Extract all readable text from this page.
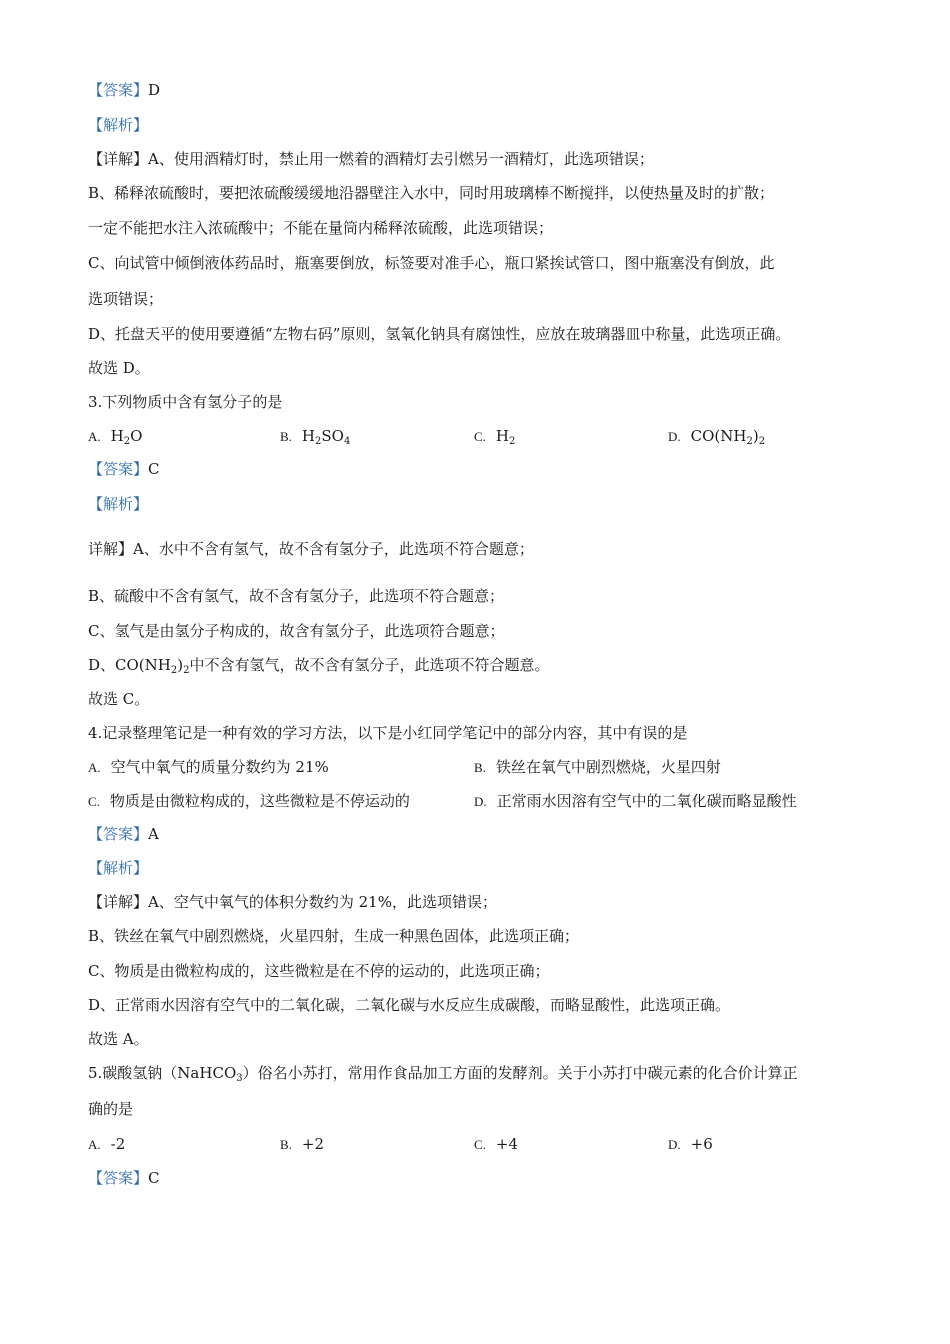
【答案】D
【解析】
【详解】A、使用酒精灯时，禁止用一燃着的酒精灯去引燃另一酒精灯，此选项错误；
B、稀释浓硫酸时，要把浓硫酸缓缓地沿器壁注入水中，同时用玻璃棒不断搅拌，以使热量及时的扩散；
一定不能把水注入浓硫酸中；不能在量筒内稀释浓硫酸，此选项错误；
C、向试管中倾倒液体药品时，瓶塞要倒放，标签要对准手心，瓶口紧挨试管口，图中瓶塞没有倒放，此
选项错误；
D、托盘天平的使用要遵循“左物右码”原则，氢氧化钠具有腐蚀性，应放在玻璃器皿中称量，此选项正确。
故选 D。
3.下列物质中含有氢分子的是
A. $H_2O$	B. $H_2SO_4$	C. $H_2$	D. $CO(NH_2)_2$
【答案】C
【解析】
详解】A、水中不含有氢气，故不含有氢分子，此选项不符合题意；
B、硫酸中不含有氢气，故不含有氢分子，此选项不符合题意；
C、氢气是由氢分子构成的，故含有氢分子，此选项符合题意；
D、$CO(NH_2)_2$中不含有氢气，故不含有氢分子，此选项不符合题意。
故选 C。
4.记录整理笔记是一种有效的学习方法，以下是小红同学笔记中的部分内容，其中有误的是
A. 空气中氧气的质量分数约为 21%	B. 铁丝在氧气中剧烈燃烧，火星四射
C. 物质是由微粒构成的，这些微粒是不停运动的	D. 正常雨水因溶有空气中的二氧化碳而略显酸性
【答案】A
【解析】
【详解】A、空气中氧气的体积分数约为 21%，此选项错误；
B、铁丝在氧气中剧烈燃烧，火星四射，生成一种黑色固体，此选项正确；
C、物质是由微粒构成的，这些微粒是在不停的运动的，此选项正确；
D、正常雨水因溶有空气中的二氧化碳，二氧化碳与水反应生成碳酸，而略显酸性，此选项正确。
故选 A。
5.碳酸氢钠（NaHCO$_3$）俗名小苏打，常用作食品加工方面的发酵剂。关于小苏打中碳元素的化合价计算正
确的是
A. -2	B. +2	C. +4	D. +6
【答案】C
